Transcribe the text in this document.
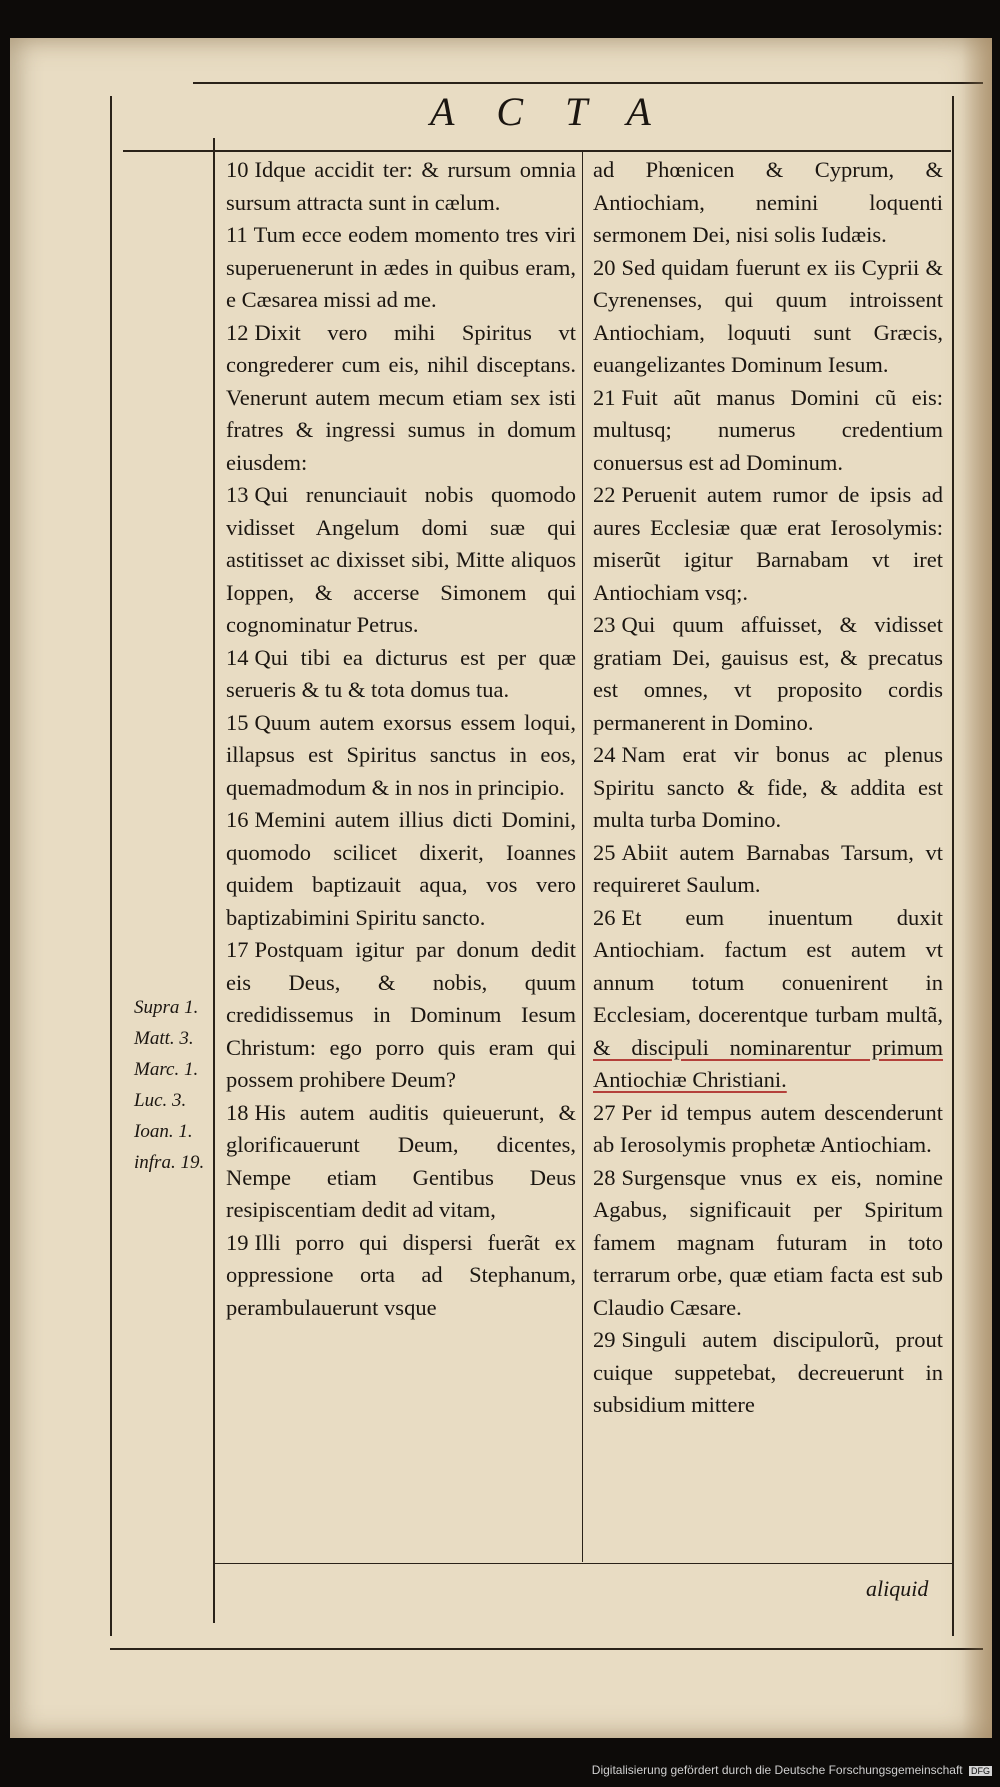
ACTA

10 Idque accidit ter: & rursum omnia sursum attracta sunt in cælum.

11 Tum ecce eodem momento tres viri superuenerunt in ædes in quibus eram, e Cæsarea missi ad me.

12 Dixit vero mihi Spiritus vt congrederer cum eis, nihil disceptans. Venerunt autem mecum etiam sex isti fratres & ingressi sumus in domum eiusdem:

13 Qui renunciauit nobis quomodo vidisset Angelum domi suæ qui astitisset ac dixisset sibi, Mitte aliquos Ioppen, & accerse Simonem qui cognominatur Petrus.

14 Qui tibi ea dicturus est per quæ serueris & tu & tota domus tua.

15 Quum autem exorsus essem loqui, illapsus est Spiritus sanctus in eos, quemadmodum & in nos in principio.

16 Memini autem illius dicti Domini, quomodo scilicet dixerit, Ioannes quidem baptizauit aqua, vos vero baptizabimini Spiritu sancto.

17 Postquam igitur par donum dedit eis Deus, & nobis, quum credidissemus in Dominum Iesum Christum: ego porro quis eram qui possem prohibere Deum?

18 His autem auditis quieuerunt, & glorificauerunt Deum, dicentes, Nempe etiam Gentibus Deus resipiscentiam dedit ad vitam,

19 Illi porro qui dispersi fuerãt ex oppressione orta ad Stephanum, perambulauerunt vsque

ad Phœnicen & Cyprum, & Antiochiam, nemini loquenti sermonem Dei, nisi solis Iudæis.

20 Sed quidam fuerunt ex iis Cyprii & Cyrenenses, qui quum introissent Antiochiam, loquuti sunt Græcis, euangelizantes Dominum Iesum.

21 Fuit aũt manus Domini cũ eis: multusq; numerus credentium conuersus est ad Dominum.

22 Peruenit autem rumor de ipsis ad aures Ecclesiæ quæ erat Ierosolymis: miserũt igitur Barnabam vt iret Antiochiam vsq;.

23 Qui quum affuisset, & vidisset gratiam Dei, gauisus est, & precatus est omnes, vt proposito cordis permanerent in Domino.

24 Nam erat vir bonus ac plenus Spiritu sancto & fide, & addita est multa turba Domino.

25 Abiit autem Barnabas Tarsum, vt requireret Saulum.

26 Et eum inuentum duxit Antiochiam. factum est autem vt annum totum conuenirent in Ecclesiam, docerentque turbam multã, & discipuli nominarentur primum Antiochiæ Christiani.

27 Per id tempus autem descenderunt ab Ierosolymis prophetæ Antiochiam.

28 Surgensque vnus ex eis, nomine Agabus, significauit per Spiritum famem magnam futuram in toto terrarum orbe, quæ etiam facta est sub Claudio Cæsare.

29 Singuli autem discipulorũ, prout cuique suppetebat, decreuerunt in subsidium mittere

Supra 1.
Matt. 3.
Marc. 1.
Luc. 3.
Ioan. 1.
infra. 19.
aliquid
Digitalisierung gefördert durch die Deutsche Forschungsgemeinschaft DFG
